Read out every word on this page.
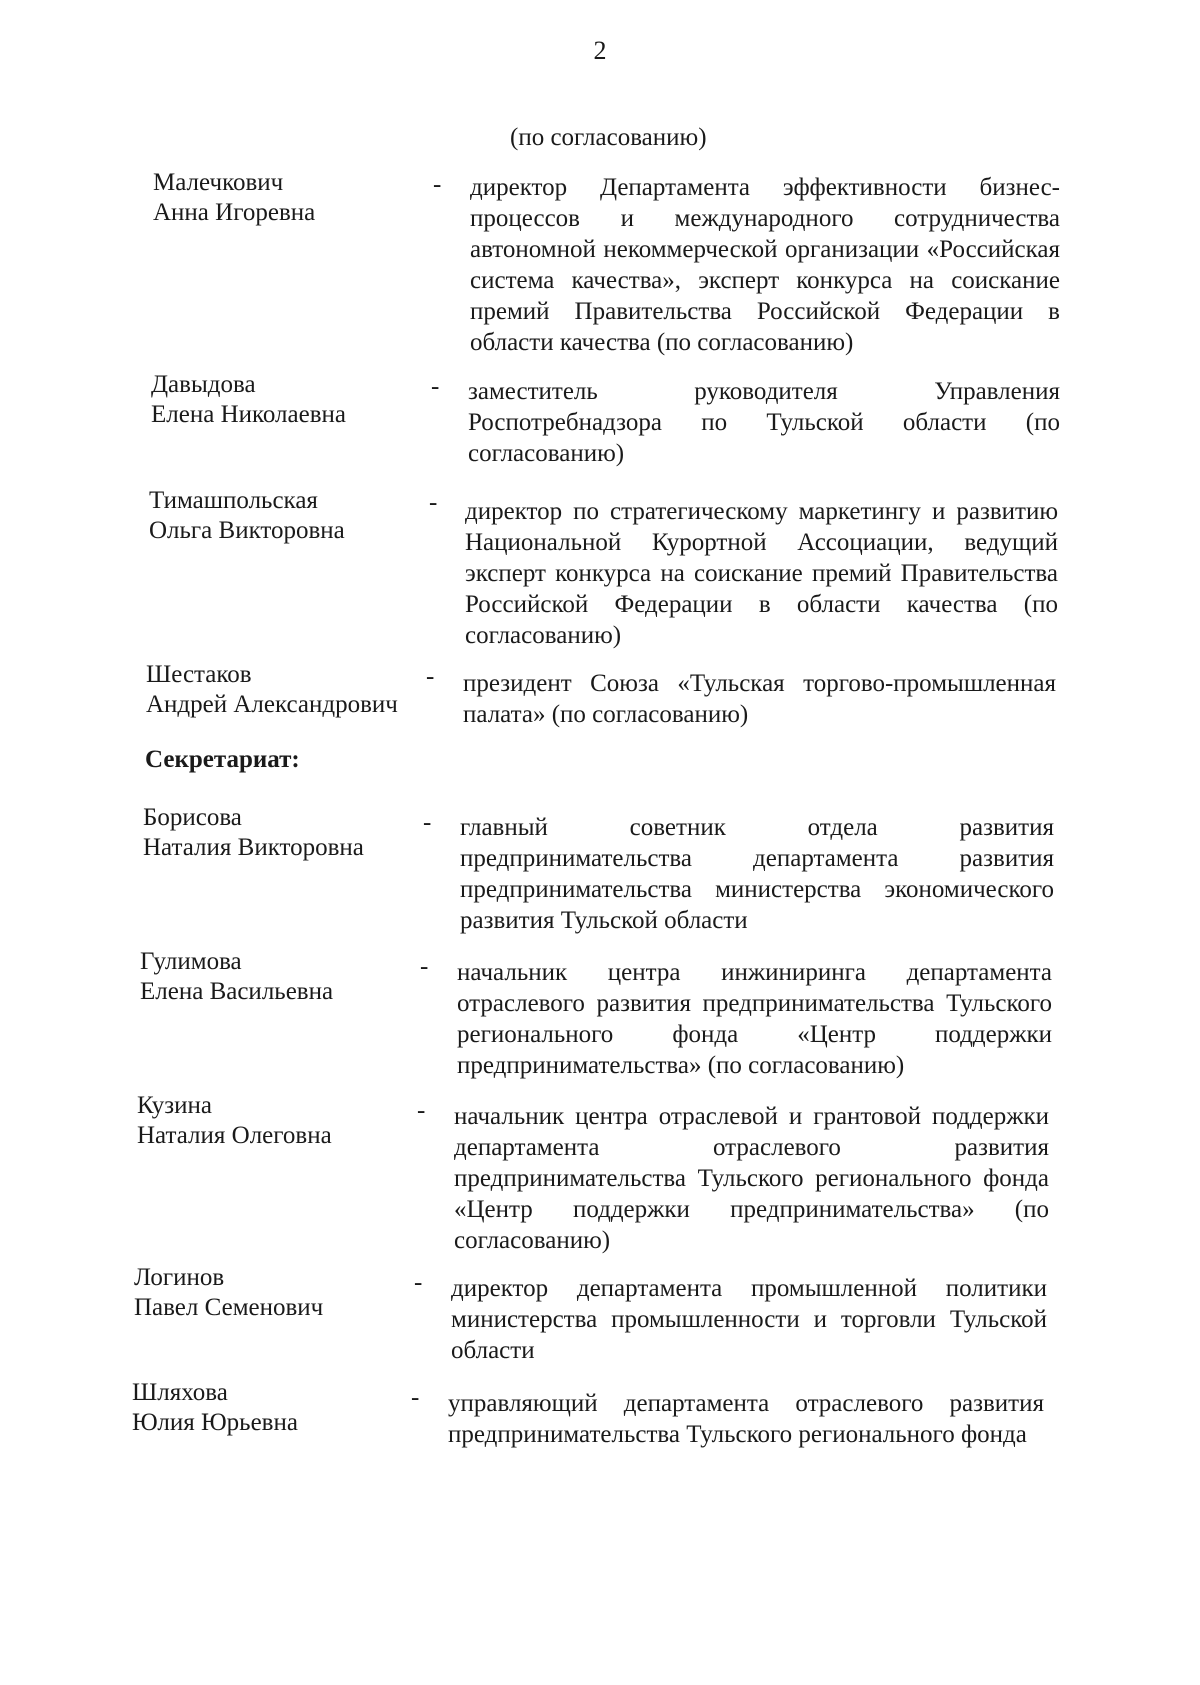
2
(по согласованию)
Малечкович
Анна Игоревна
- директор Департамента эффективности бизнес-процессов и международного сотрудничества автономной некоммерческой организации «Российская система качества», эксперт конкурса на соискание премий Правительства Российской Федерации в области качества (по согласованию)
Давыдова
Елена Николаевна
- заместитель руководителя Управления Роспотребнадзора по Тульской области (по согласованию)
Тимашпольская
Ольга Викторовна
- директор по стратегическому маркетингу и развитию Национальной Курортной Ассоциации, ведущий эксперт конкурса на соискание премий Правительства Российской Федерации в области качества (по согласованию)
Шестаков
Андрей Александрович
- президент Союза «Тульская торгово-промышленная палата» (по согласованию)
Секретариат:
Борисова
Наталия Викторовна
- главный советник отдела развития предпринимательства департамента развития предпринимательства министерства экономического развития Тульской области
Гулимова
Елена Васильевна
- начальник центра инжиниринга департамента отраслевого развития предпринимательства Тульского регионального фонда «Центр поддержки предпринимательства» (по согласованию)
Кузина
Наталия Олеговна
- начальник центра отраслевой и грантовой поддержки департамента отраслевого развития предпринимательства Тульского регионального фонда «Центр поддержки предпринимательства» (по согласованию)
Логинов
Павел Семенович
- директор департамента промышленной политики министерства промышленности и торговли Тульской области
Шляхова
Юлия Юрьевна
- управляющий департамента отраслевого развития предпринимательства Тульского регионального фонда
